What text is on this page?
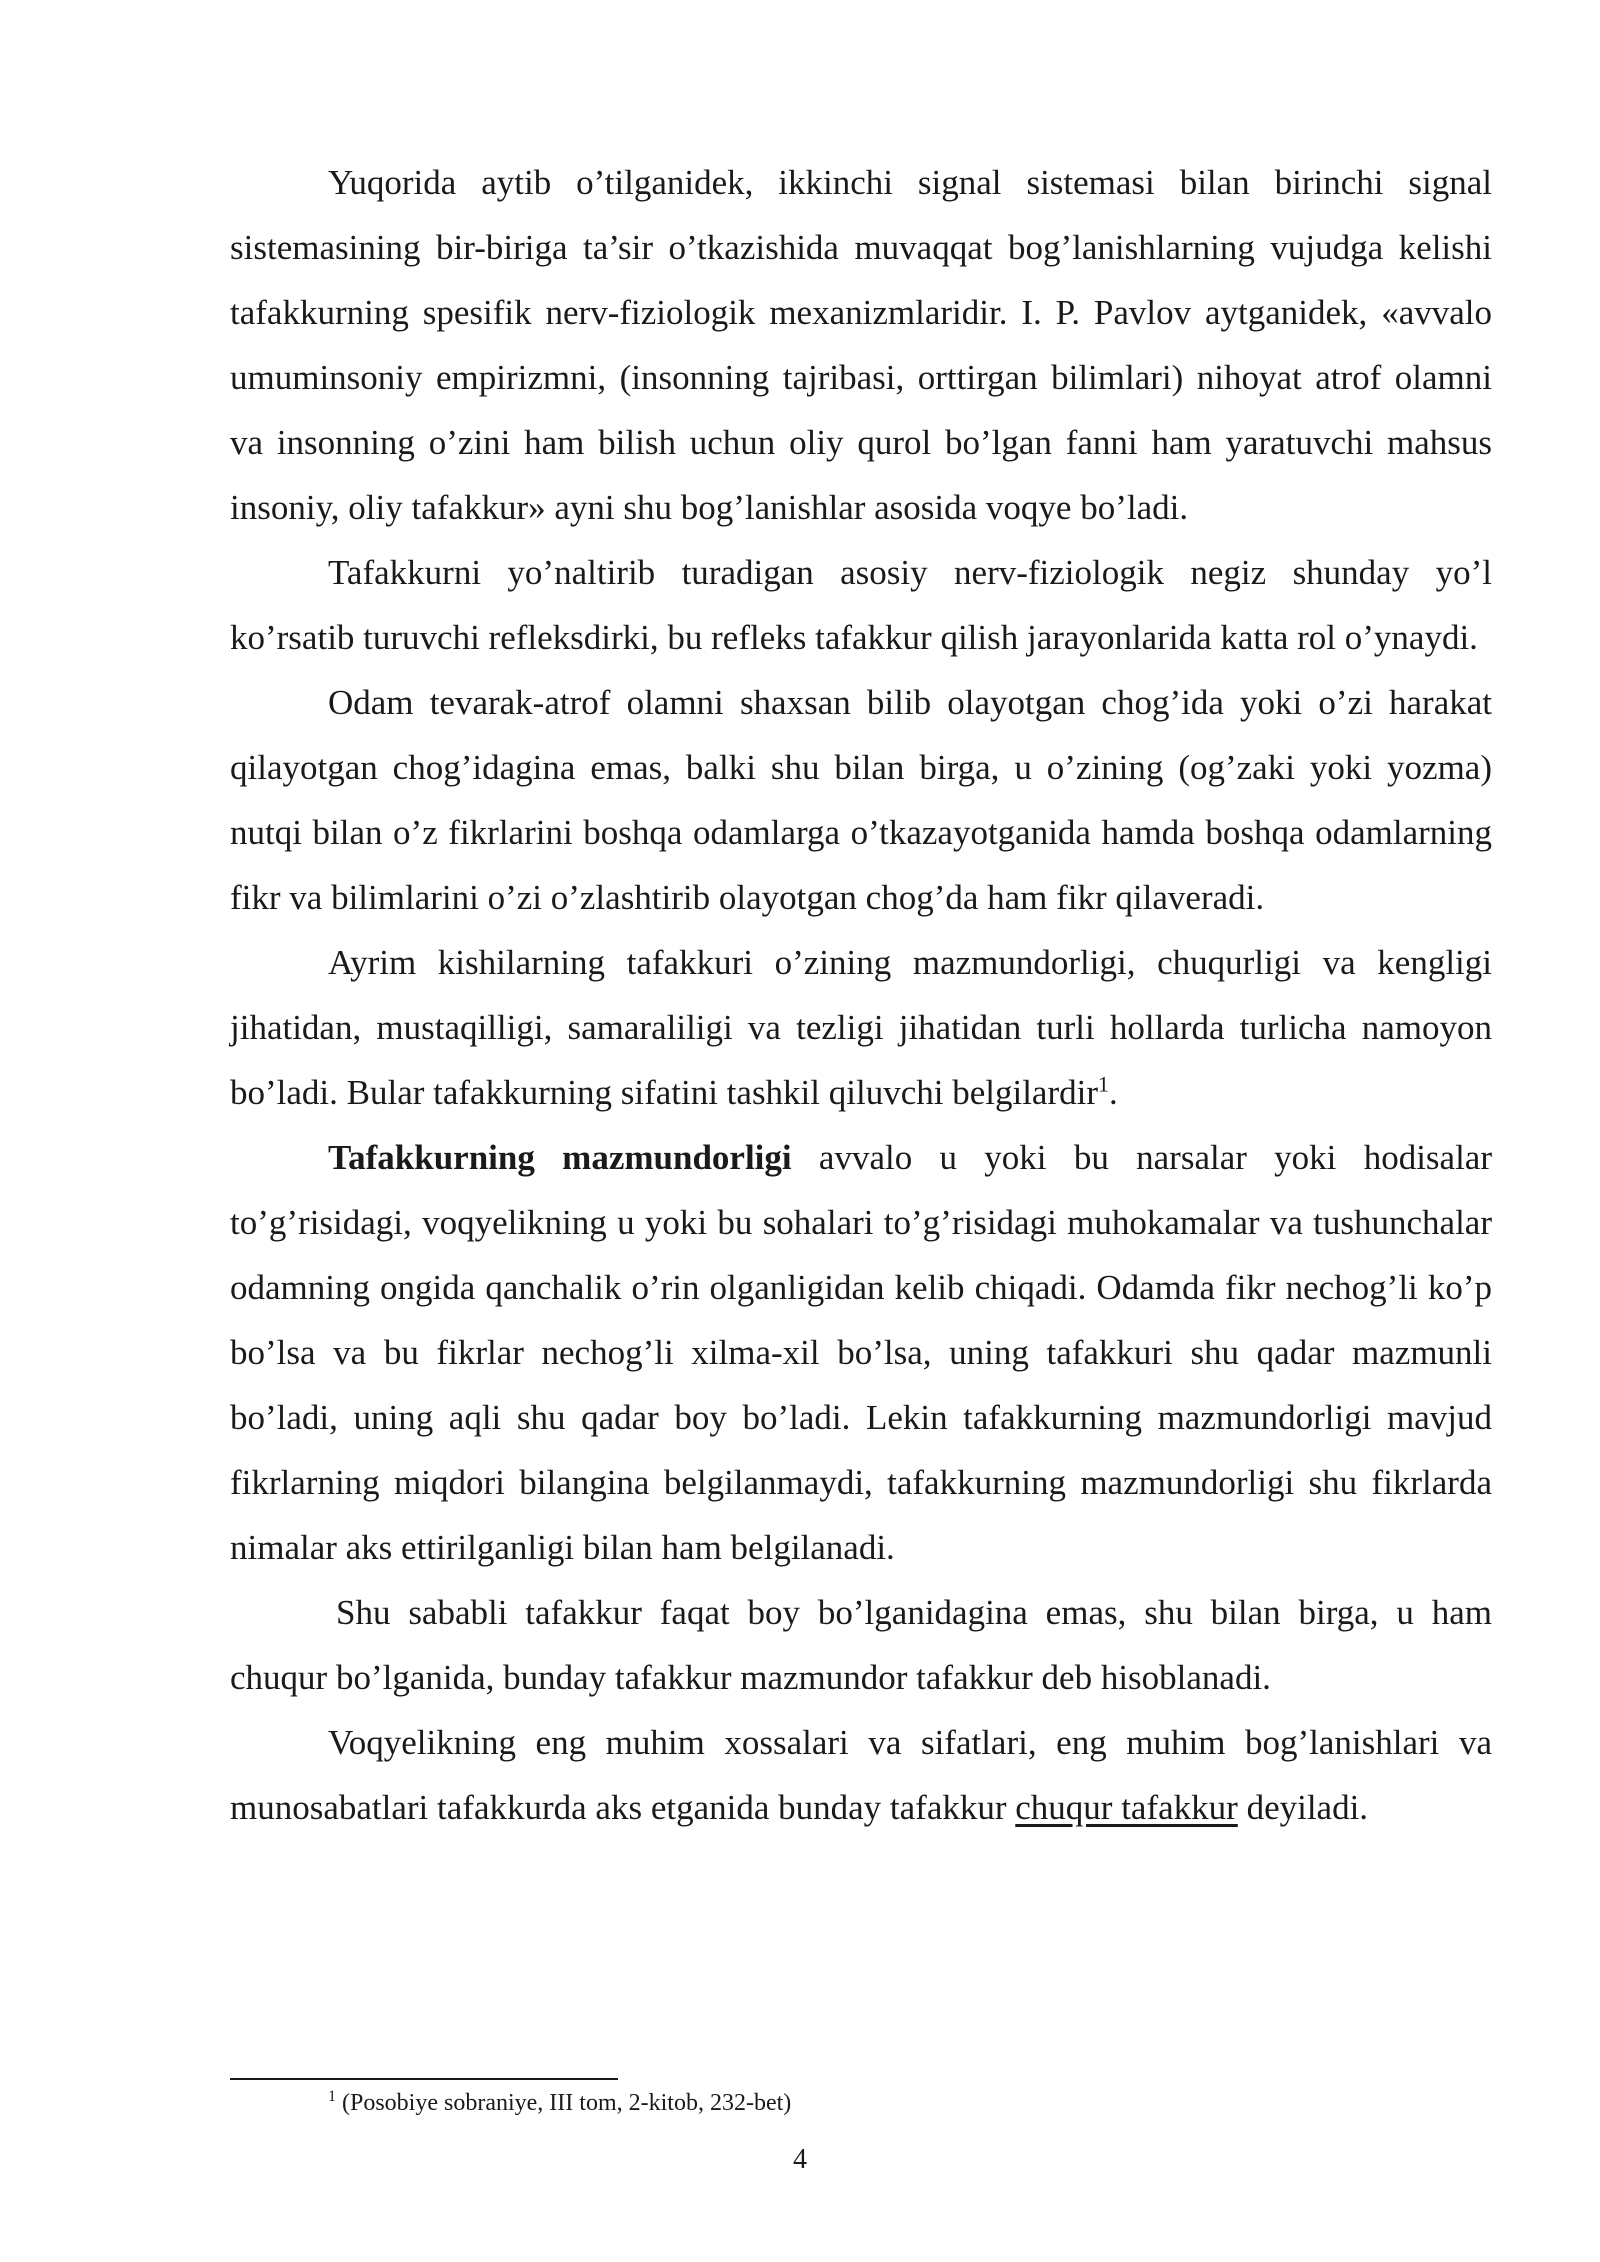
Yuqorida aytib o’tilganidek, ikkinchi signal sistemasi bilan birinchi signal sistemasining bir-biriga ta’sir o’tkazishida muvaqqat bog’lanishlarning vujudga kelishi tafakkurning spesifik nerv-fiziologik mexanizmlaridir. I. P. Pavlov aytganidek, «avvalo umuminsoniy empirizmni, (insonning tajribasi, orttirgan bilimlari) nihoyat atrof olamni va insonning o’zini ham bilish uchun oliy qurol bo’lgan fanni ham yaratuvchi mahsus insoniy, oliy tafakkur» ayni shu bog’lanishlar asosida voqye bo’ladi.

Tafakkurni yo’naltirib turadigan asosiy nerv-fiziologik negiz shunday yo’l ko’rsatib turuvchi refleksdirki, bu refleks tafakkur qilish jarayonlarida katta rol o’ynaydi.

Odam tevarak-atrof olamni shaxsan bilib olayotgan chog’ida yoki o’zi harakat qilayotgan chog’idagina emas, balki shu bilan birga, u o’zining (og’zaki yoki yozma) nutqi bilan o’z fikrlarini boshqa odamlarga o’tkazayotganida hamda boshqa odamlarning fikr va bilimlarini o’zi o’zlashtirib olayotgan chog’da ham fikr qilaveradi.

Ayrim kishilarning tafakkuri o’zining mazmundorligi, chuqurligi va kengligi jihatidan, mustaqilligi, samaraliligi va tezligi jihatidan turli hollarda turlicha namoyon bo’ladi. Bular tafakkurning sifatini tashkil qiluvchi belgilardir$^1$.

Tafakkurning mazmundorligi avvalo u yoki bu narsalar yoki hodisalar to’g’risidagi, voqyelikning u yoki bu sohalari to’g’risidagi muhokamalar va tushunchalar odamning ongida qanchalik o’rin olganligidan kelib chiqadi. Odamda fikr nechog’li ko’p bo’lsa va bu fikrlar nechog’li xilma-xil bo’lsa, uning tafakkuri shu qadar mazmunli bo’ladi, uning aqli shu qadar boy bo’ladi. Lekin tafakkurning mazmundorligi mavjud fikrlarning miqdori bilangina belgilanmaydi, tafakkurning mazmundorligi shu fikrlarda nimalar aks ettirilganligi bilan ham belgilanadi.

Shu sababli tafakkur faqat boy bo’lganidagina emas, shu bilan birga, u ham chuqur bo’lganida, bunday tafakkur mazmundor tafakkur deb hisoblanadi.

Voqyelikning eng muhim xossalari va sifatlari, eng muhim bog’lanishlari va munosabatlari tafakkurda aks etganida bunday tafakkur chuqur tafakkur deyiladi.

$^1$ (Posobiye sobraniye, III tom, 2-kitob, 232-bet)
4
